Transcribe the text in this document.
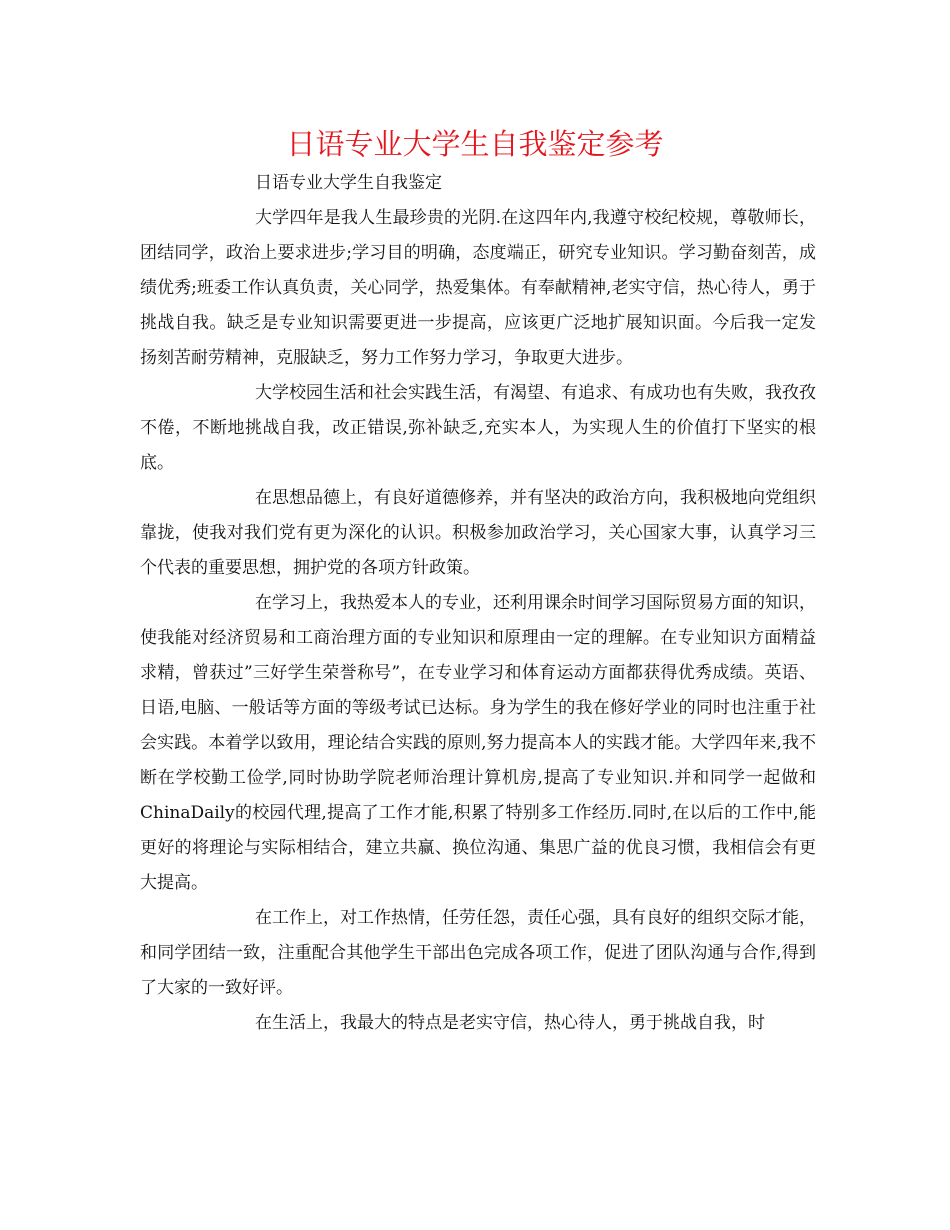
日语专业大学生自我鉴定参考

日语专业大学生自我鉴定

大学四年是我人生最珍贵的光阴.在这四年内,我遵守校纪校规，尊敬师长，团结同学，政治上要求进步;学习目的明确，态度端正，研究专业知识。学习勤奋刻苦，成绩优秀;班委工作认真负责，关心同学，热爱集体。有奉献精神,老实守信，热心待人，勇于挑战自我。缺乏是专业知识需要更进一步提高，应该更广泛地扩展知识面。今后我一定发扬刻苦耐劳精神，克服缺乏，努力工作努力学习，争取更大进步。

大学校园生活和社会实践生活，有渴望、有追求、有成功也有失败，我孜孜不倦，不断地挑战自我，改正错误,弥补缺乏,充实本人，为实现人生的价值打下坚实的根底。

在思想品德上，有良好道德修养，并有坚决的政治方向，我积极地向党组织靠拢，使我对我们党有更为深化的认识。积极参加政治学习，关心国家大事，认真学习三个代表的重要思想，拥护党的各项方针政策。

在学习上，我热爱本人的专业，还利用课余时间学习国际贸易方面的知识，使我能对经济贸易和工商治理方面的专业知识和原理由一定的理解。在专业知识方面精益求精，曾获过”三好学生荣誉称号”，在专业学习和体育运动方面都获得优秀成绩。英语、日语,电脑、一般话等方面的等级考试已达标。身为学生的我在修好学业的同时也注重于社会实践。本着学以致用，理论结合实践的原则,努力提高本人的实践才能。大学四年来,我不断在学校勤工俭学,同时协助学院老师治理计算机房,提高了专业知识.并和同学一起做和ChinaDaily的校园代理,提高了工作才能,积累了特别多工作经历.同时,在以后的工作中,能更好的将理论与实际相结合，建立共赢、换位沟通、集思广益的优良习惯，我相信会有更大提高。

在工作上，对工作热情，任劳任怨，责任心强，具有良好的组织交际才能，和同学团结一致，注重配合其他学生干部出色完成各项工作，促进了团队沟通与合作,得到了大家的一致好评。

在生活上，我最大的特点是老实守信，热心待人，勇于挑战自我，时
